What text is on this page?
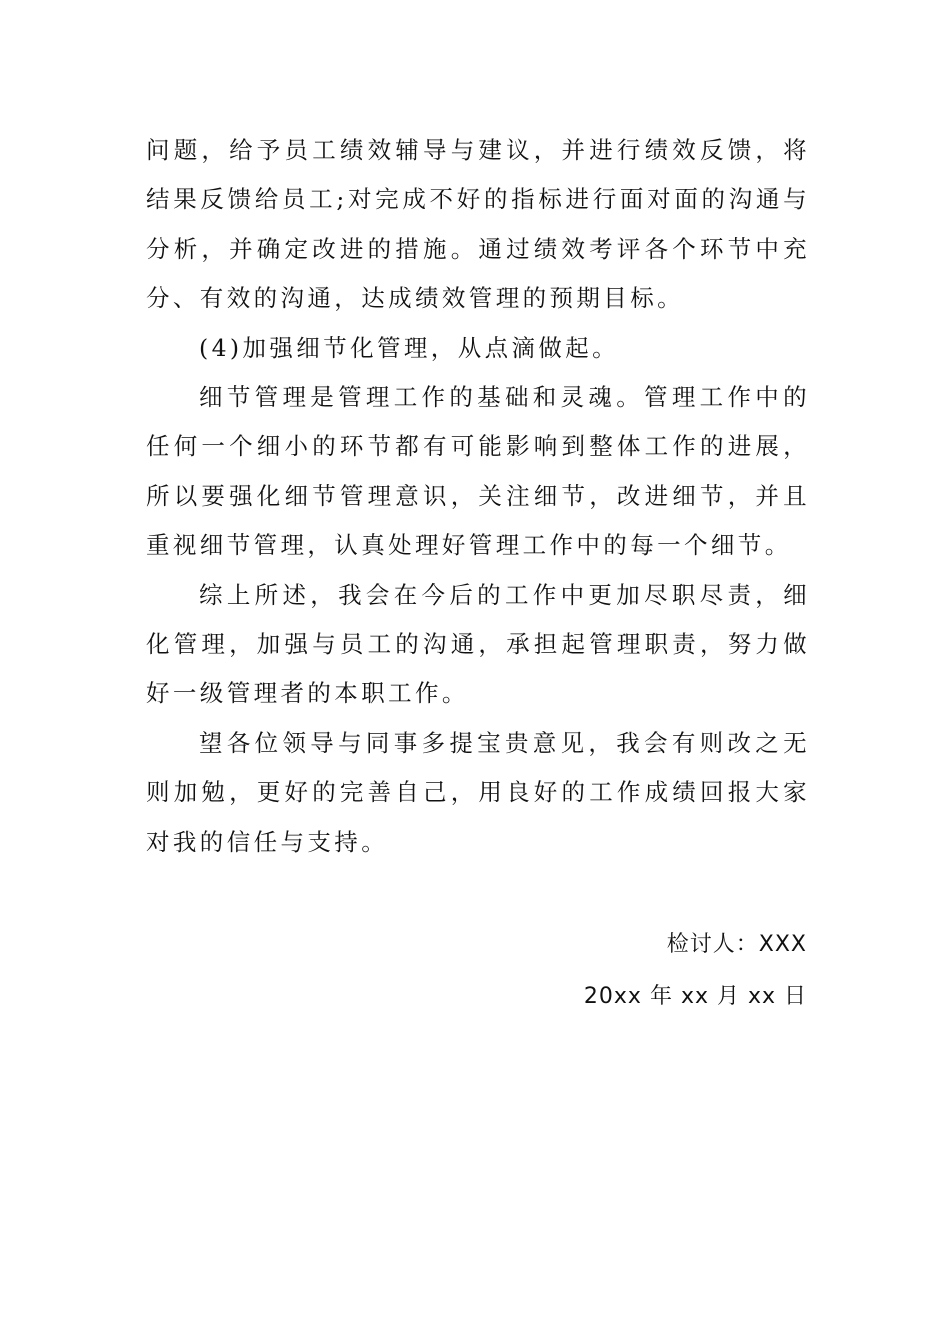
问题，给予员工绩效辅导与建议，并进行绩效反馈，将结果反馈给员工;对完成不好的指标进行面对面的沟通与分析，并确定改进的措施。通过绩效考评各个环节中充分、有效的沟通，达成绩效管理的预期目标。

(4)加强细节化管理，从点滴做起。

细节管理是管理工作的基础和灵魂。管理工作中的任何一个细小的环节都有可能影响到整体工作的进展，所以要强化细节管理意识，关注细节，改进细节，并且重视细节管理，认真处理好管理工作中的每一个细节。

综上所述，我会在今后的工作中更加尽职尽责，细化管理，加强与员工的沟通，承担起管理职责，努力做好一级管理者的本职工作。

望各位领导与同事多提宝贵意见，我会有则改之无则加勉，更好的完善自己，用良好的工作成绩回报大家对我的信任与支持。

检讨人：XXX
20xx 年 xx 月 xx 日
